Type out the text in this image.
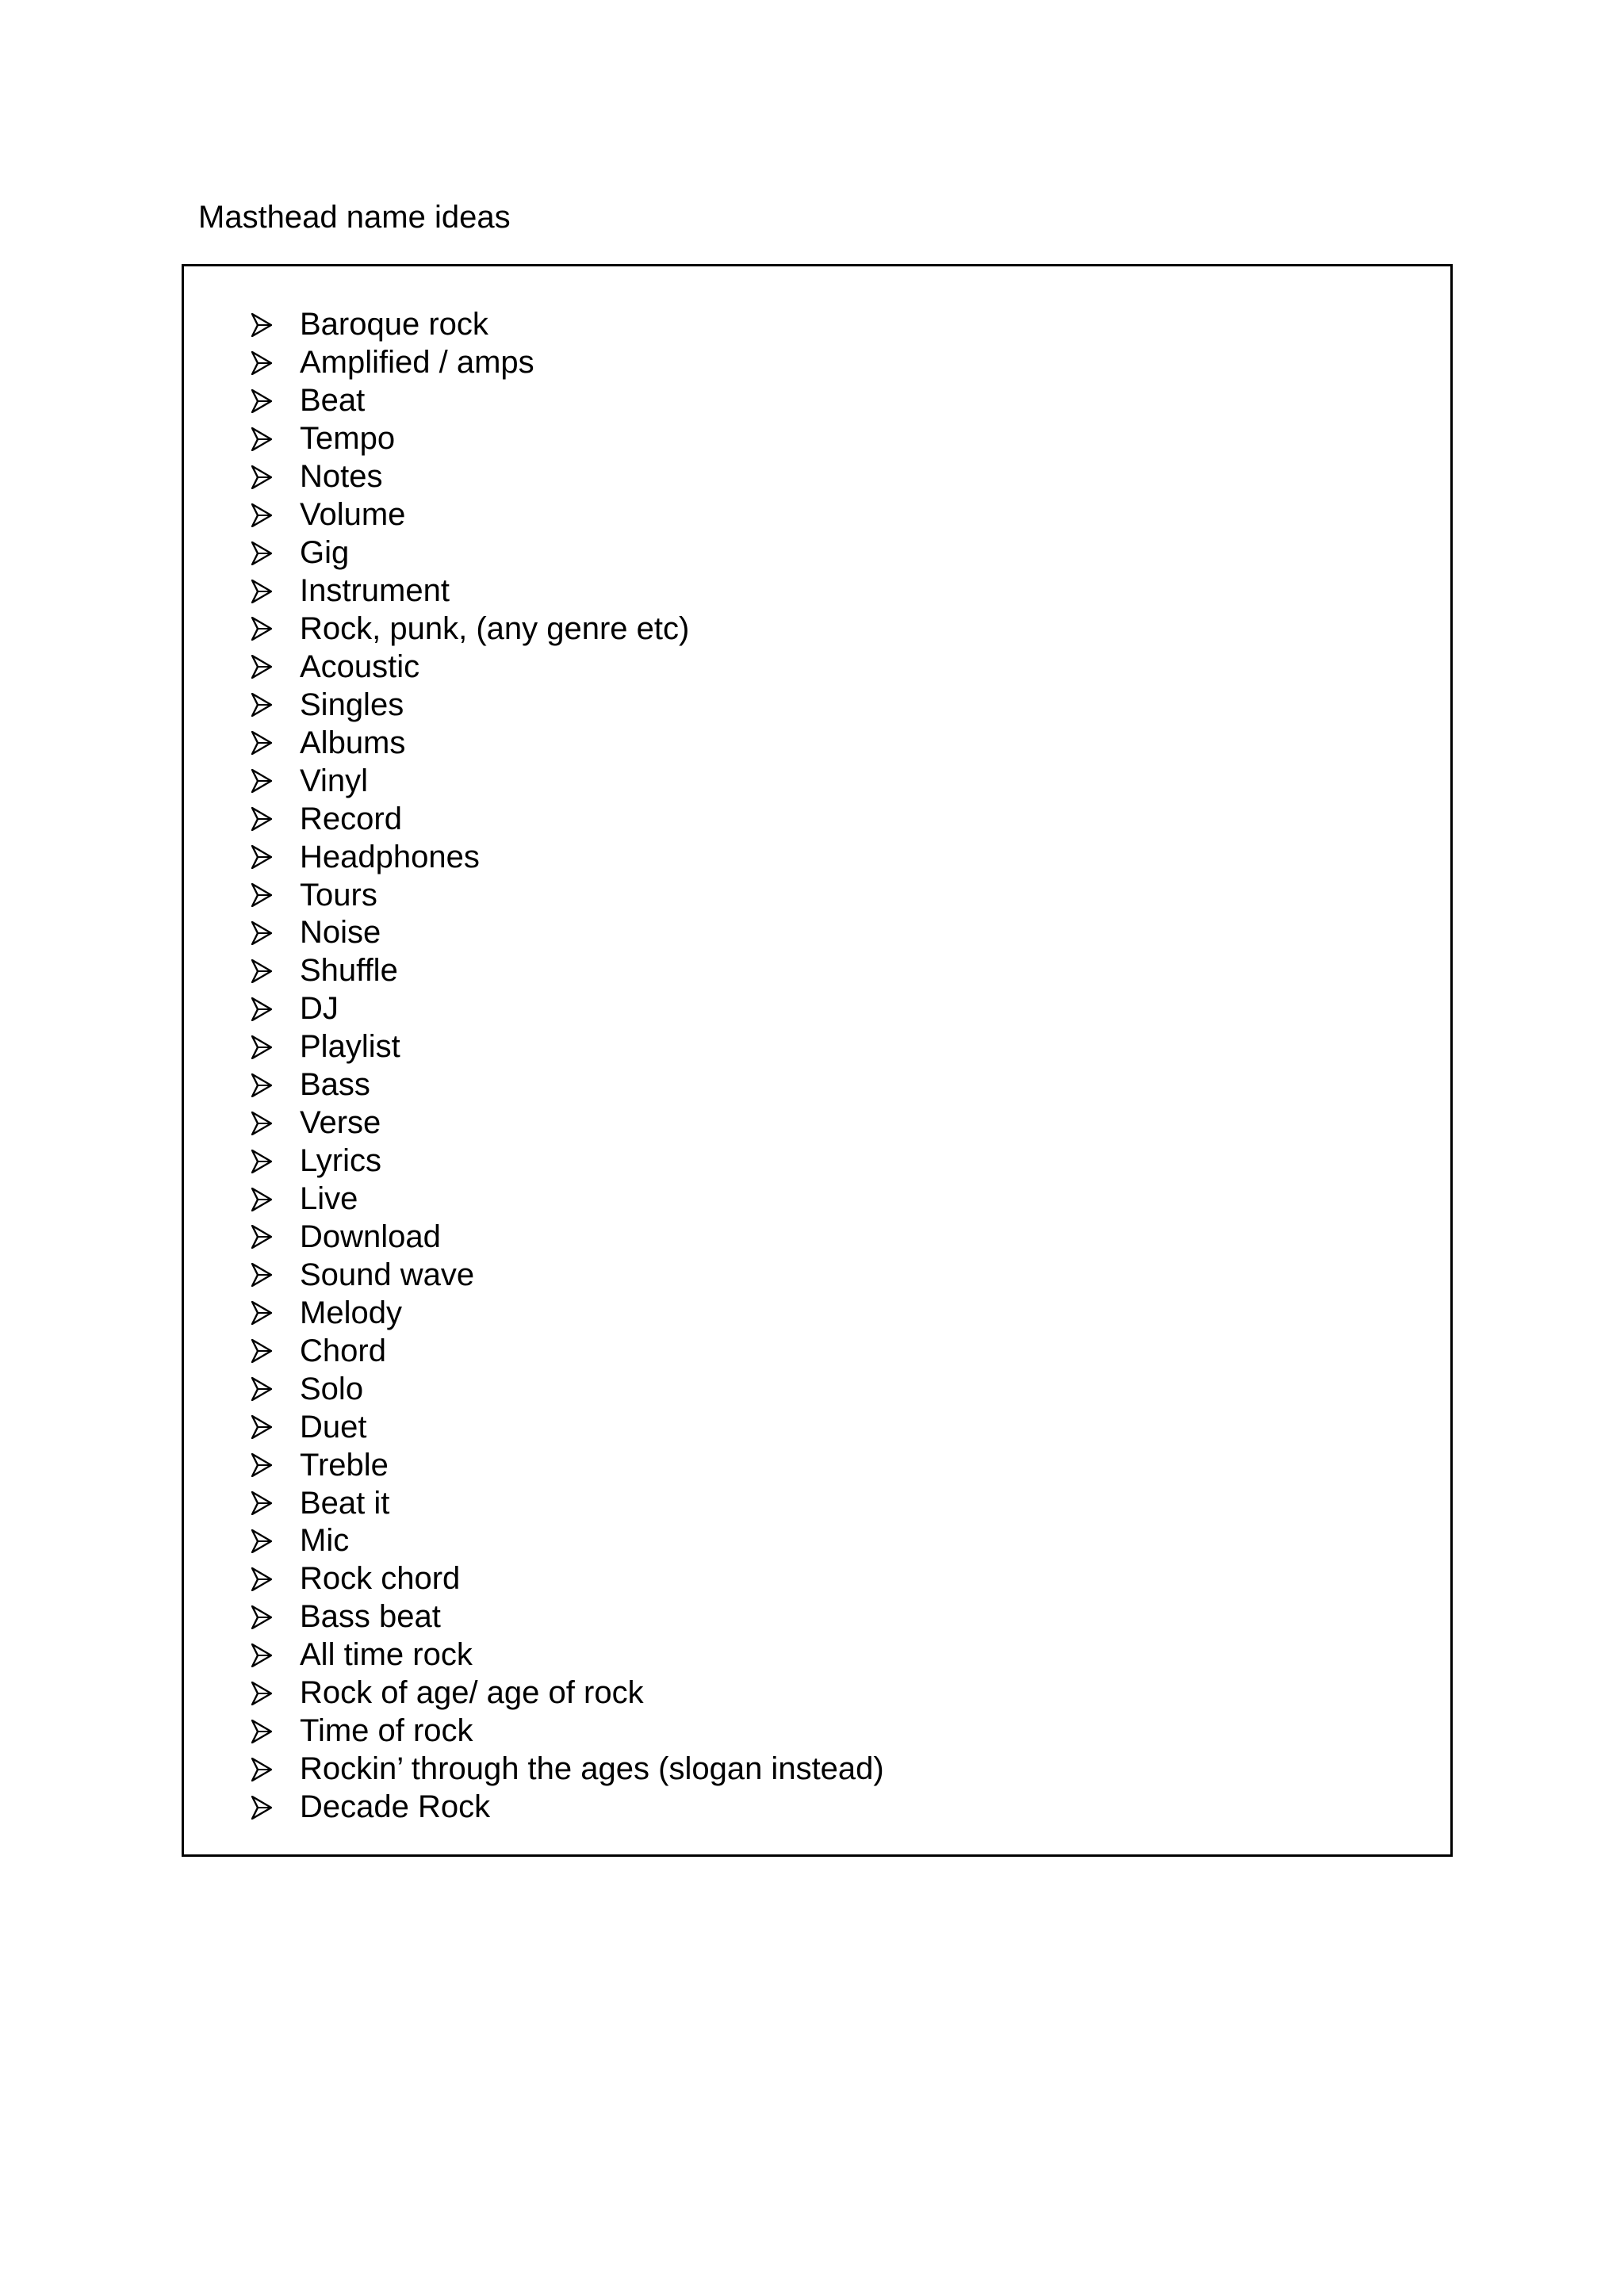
Masthead name ideas
Baroque rock
Amplified / amps
Beat
Tempo
Notes
Volume
Gig
Instrument
Rock, punk, (any genre etc)
Acoustic
Singles
Albums
Vinyl
Record
Headphones
Tours
Noise
Shuffle
DJ
Playlist
Bass
Verse
Lyrics
Live
Download
Sound wave
Melody
Chord
Solo
Duet
Treble
Beat it
Mic
Rock chord
Bass beat
All time rock
Rock of age/ age of rock
Time of rock
Rockin’ through the ages (slogan instead)
Decade Rock
